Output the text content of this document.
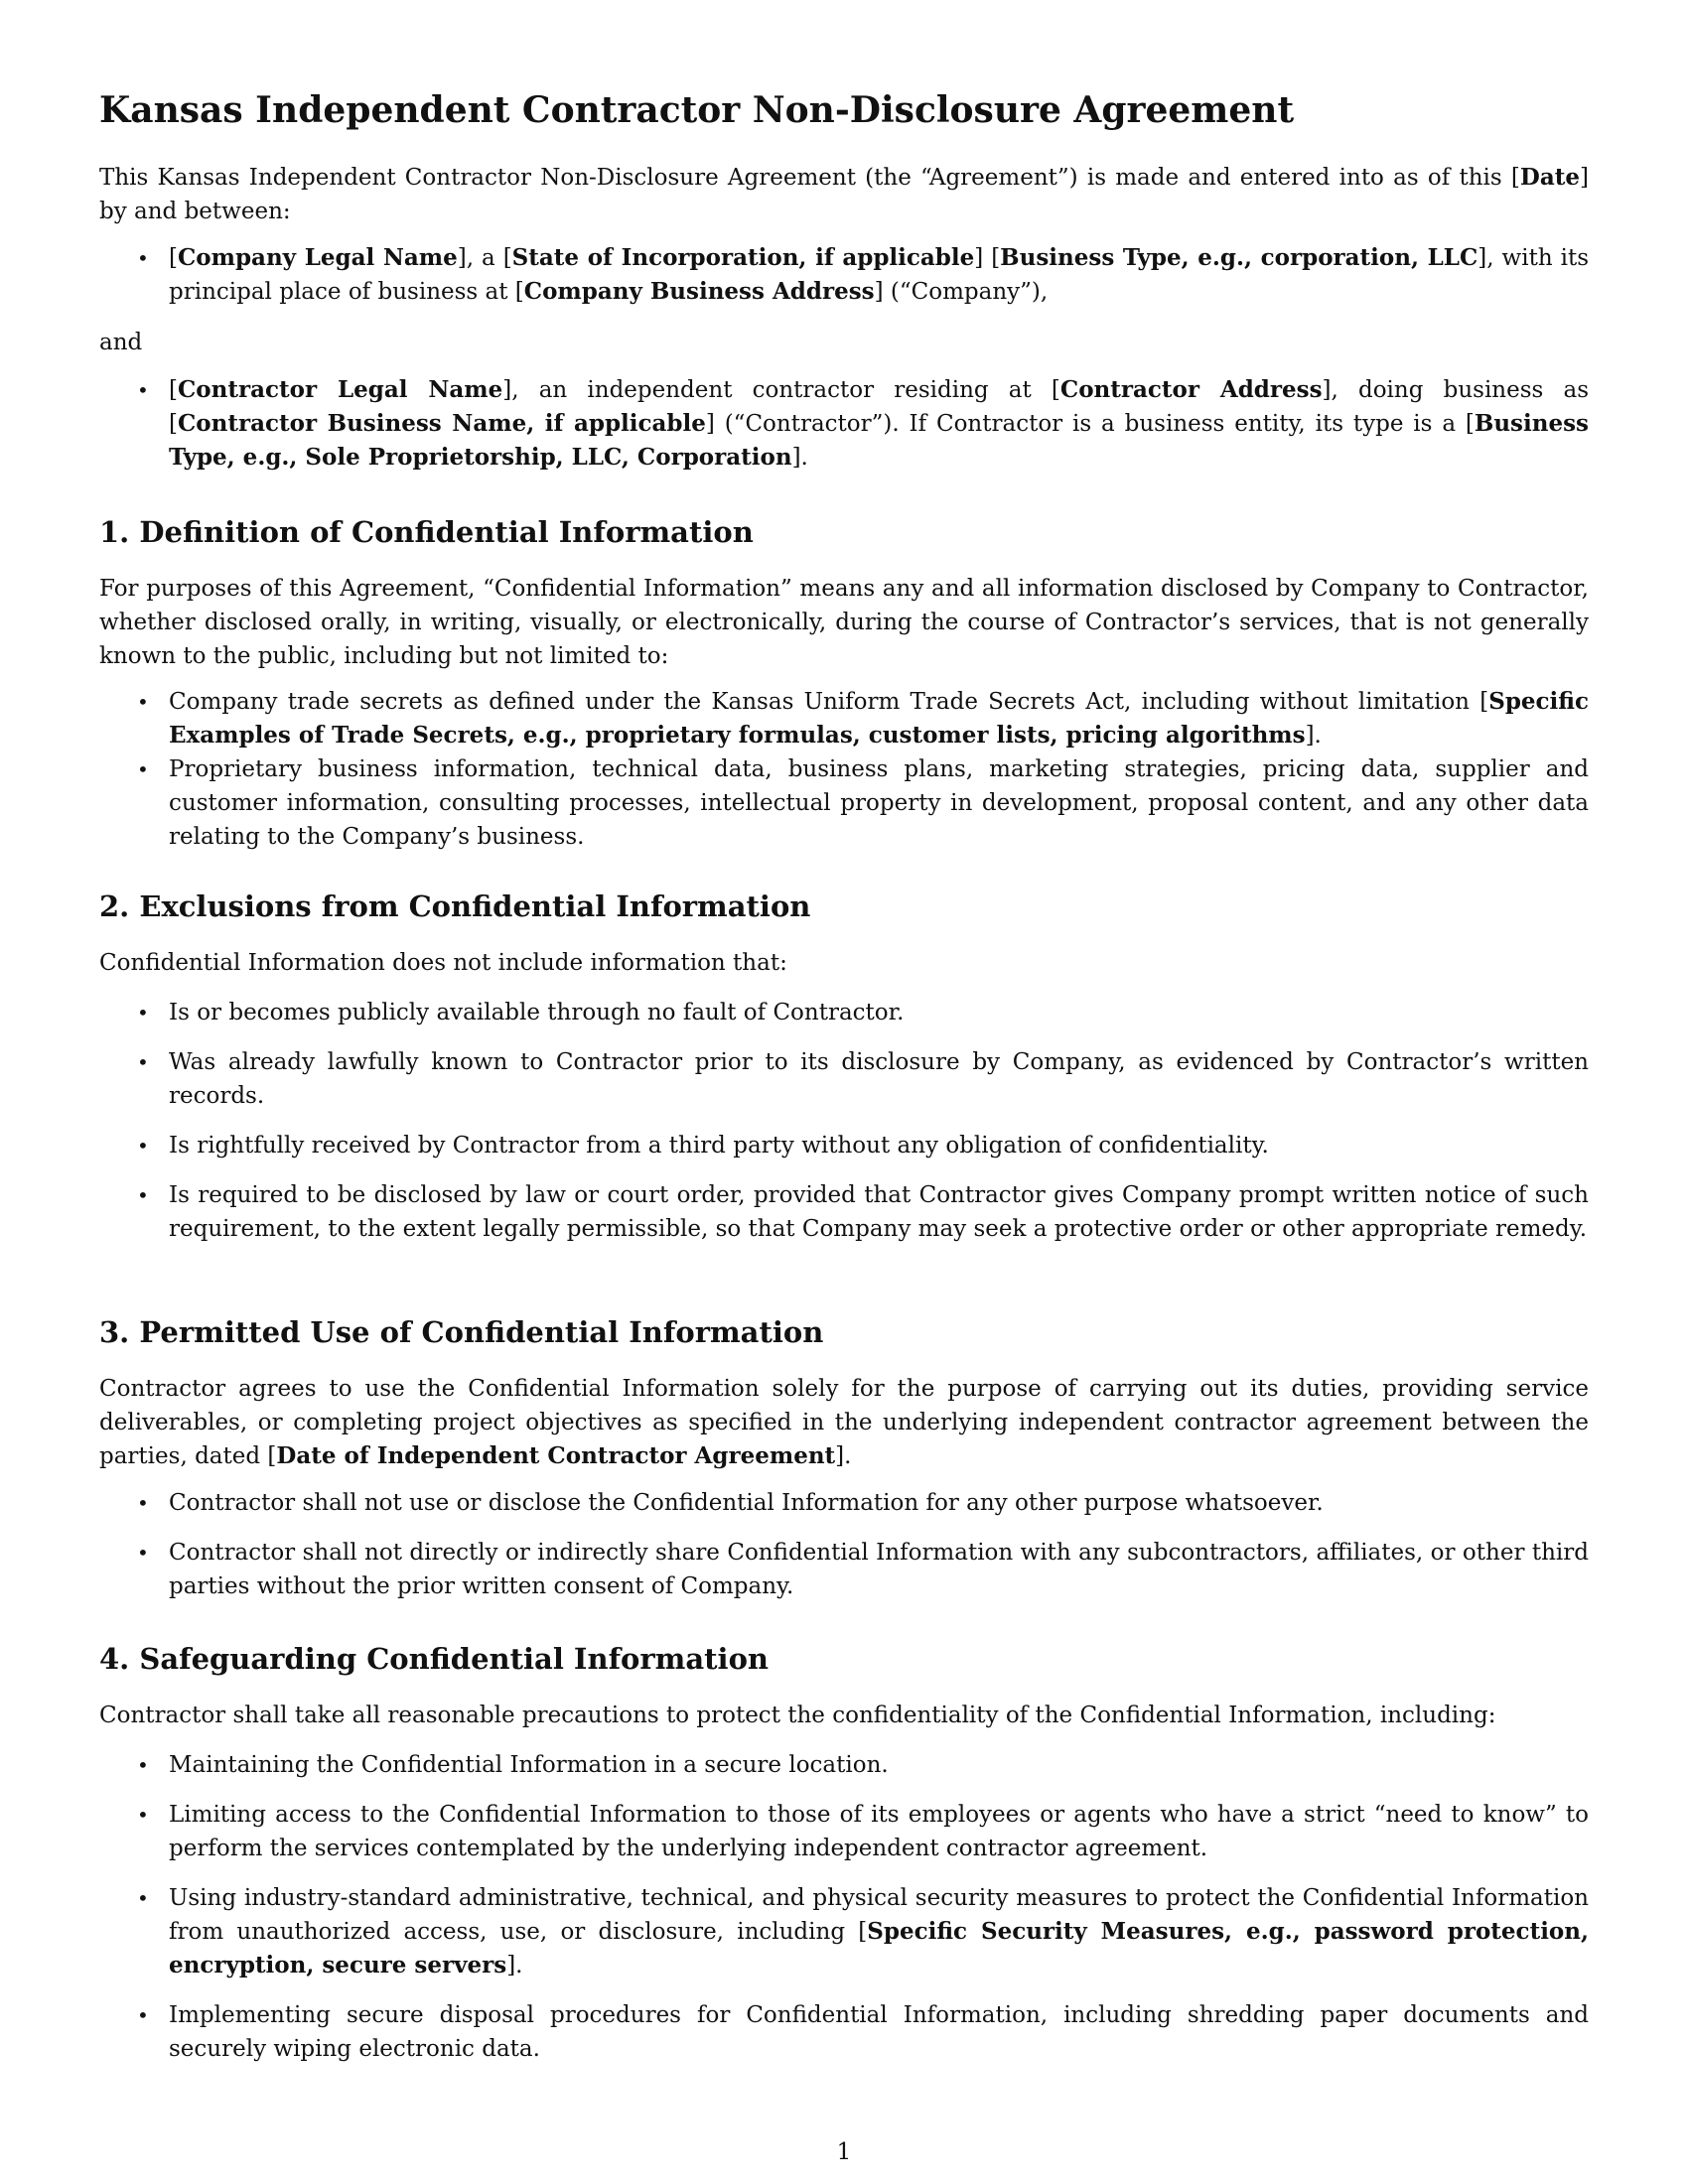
Kansas Independent Contractor Non-Disclosure Agreement

This Kansas Independent Contractor Non-Disclosure Agreement (the “Agreement”) is made and entered into as of this [Date] by and between:

• [Company Legal Name], a [State of Incorporation, if applicable] [Business Type, e.g., corporation, LLC], with its principal place of business at [Company Business Address] (“Company”),

and

• [Contractor Legal Name], an independent contractor residing at [Contractor Address], doing business as [Contractor Business Name, if applicable] (“Contractor”). If Contractor is a business entity, its type is a [Business Type, e.g., Sole Proprietorship, LLC, Corporation].
1. Definition of Confidential Information

For purposes of this Agreement, “Confidential Information” means any and all information disclosed by Company to Contractor, whether disclosed orally, in writing, visually, or electronically, during the course of Contractor’s services, that is not generally known to the public, including but not limited to:

• Company trade secrets as defined under the Kansas Uniform Trade Secrets Act, including without limitation [Specific Examples of Trade Secrets, e.g., proprietary formulas, customer lists, pricing algorithms].
• Proprietary business information, technical data, business plans, marketing strategies, pricing data, supplier and customer information, consulting processes, intellectual property in development, proposal content, and any other data relating to the Company’s business.
2. Exclusions from Confidential Information

Confidential Information does not include information that:

• Is or becomes publicly available through no fault of Contractor.
• Was already lawfully known to Contractor prior to its disclosure by Company, as evidenced by Contractor’s written records.
• Is rightfully received by Contractor from a third party without any obligation of confidentiality.
• Is required to be disclosed by law or court order, provided that Contractor gives Company prompt written notice of such requirement, to the extent legally permissible, so that Company may seek a protective order or other appropriate remedy.
3. Permitted Use of Confidential Information

Contractor agrees to use the Confidential Information solely for the purpose of carrying out its duties, providing service deliverables, or completing project objectives as specified in the underlying independent contractor agreement between the parties, dated [Date of Independent Contractor Agreement].

• Contractor shall not use or disclose the Confidential Information for any other purpose whatsoever.
• Contractor shall not directly or indirectly share Confidential Information with any subcontractors, affiliates, or other third parties without the prior written consent of Company.
4. Safeguarding Confidential Information

Contractor shall take all reasonable precautions to protect the confidentiality of the Confidential Information, including:

• Maintaining the Confidential Information in a secure location.
• Limiting access to the Confidential Information to those of its employees or agents who have a strict “need to know” to perform the services contemplated by the underlying independent contractor agreement.
• Using industry-standard administrative, technical, and physical security measures to protect the Confidential Information from unauthorized access, use, or disclosure, including [Specific Security Measures, e.g., password protection, encryption, secure servers].
• Implementing secure disposal procedures for Confidential Information, including shredding paper documents and securely wiping electronic data.
1
